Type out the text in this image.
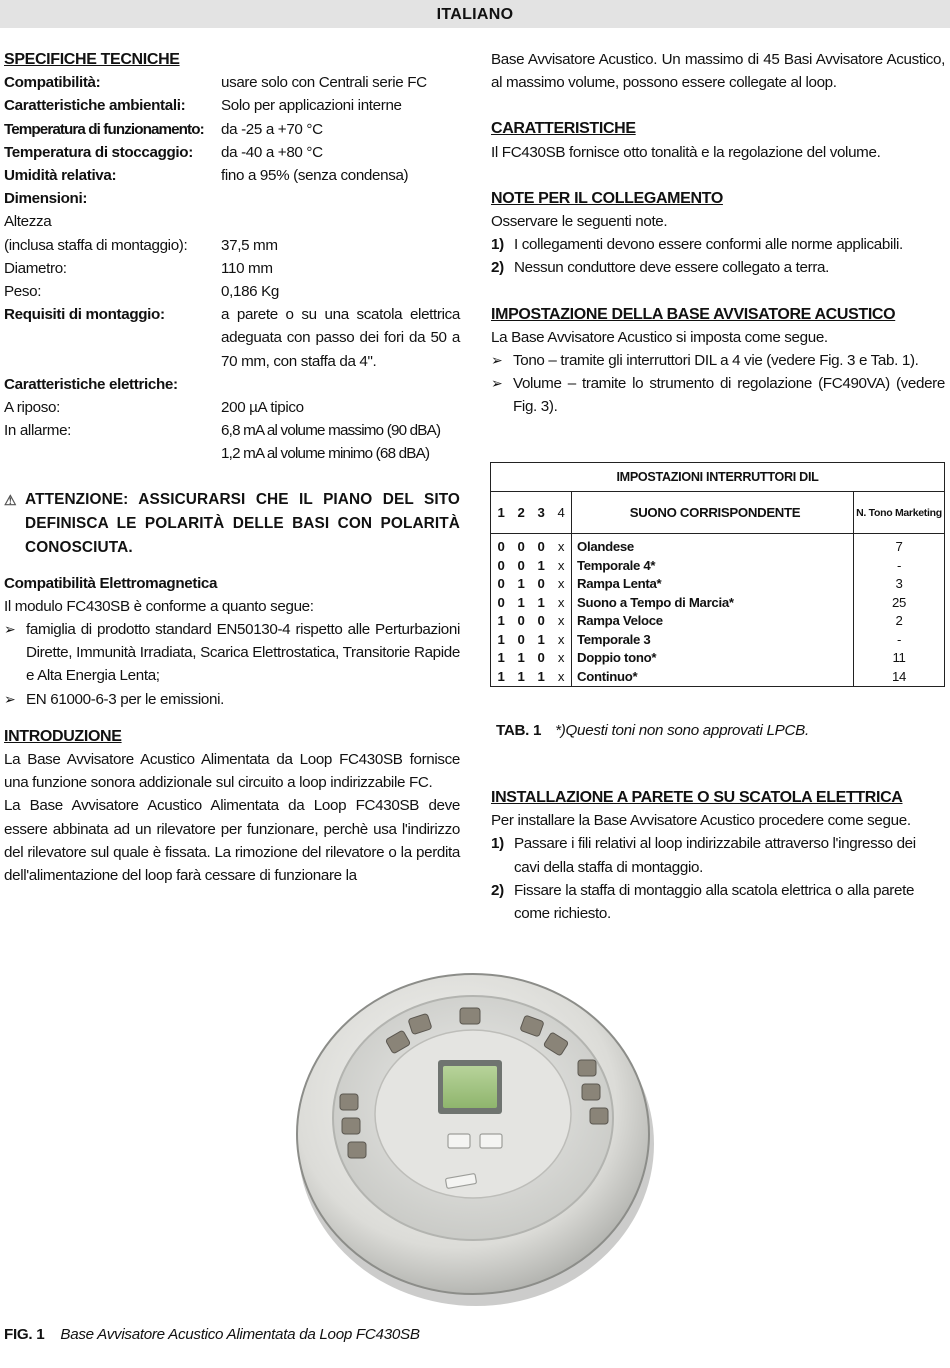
ITALIANO
SPECIFICHE TECNICHE
Compatibilità:	usare solo con Centrali serie FC
Caratteristiche ambientali:	Solo per applicazioni interne
Temperatura di funzionamento:	da -25 a +70 °C
Temperatura di stoccaggio:	da -40 a +80 °C
Umidità relativa:	fino a 95% (senza condensa)
Dimensioni:
Altezza
(inclusa staffa di montaggio):	37,5 mm
Diametro:	110 mm
Peso:	0,186 Kg
Requisiti di montaggio:	a parete o su una scatola elettrica adeguata con passo dei fori da 50 a 70 mm, con staffa da 4".
Caratteristiche elettriche:
A riposo:	200 µA tipico
In allarme:	6,8 mA al volume massimo (90 dBA)
1,2 mA al volume minimo (68 dBA)
⚠ ATTENZIONE: ASSICURARSI CHE IL PIANO DEL SITO DEFINISCA LE POLARITÀ DELLE BASI CON POLARITÀ CONOSCIUTA.
Compatibilità Elettromagnetica
Il modulo FC430SB è conforme a quanto segue:
➢ famiglia di prodotto standard EN50130-4 rispetto alle Perturbazioni Dirette, Immunità Irradiata, Scarica Elettrostatica, Transitorie Rapide e Alta Energia Lenta;
➢ EN 61000-6-3 per le emissioni.
INTRODUZIONE
La Base Avvisatore Acustico Alimentata da Loop FC430SB fornisce una funzione sonora addizionale sul circuito a loop indirizzabile FC.
La Base Avvisatore Acustico Alimentata da Loop FC430SB deve essere abbinata ad un rilevatore per funzionare, perchè usa l'indirizzo del rilevatore sul quale è fissata. La rimozione del rilevatore o la perdita dell'alimentazione del loop farà cessare di funzionare la
Base Avvisatore Acustico. Un massimo di 45 Basi Avvisatore Acustico, al massimo volume, possono essere collegate al loop.
CARATTERISTICHE
Il FC430SB fornisce otto tonalità e la regolazione del volume.
NOTE PER IL COLLEGAMENTO
Osservare le seguenti note.
1) I collegamenti devono essere conformi alle norme applicabili.
2) Nessun conduttore deve essere collegato a terra.
IMPOSTAZIONE DELLA BASE AVVISATORE ACUSTICO
La Base Avvisatore Acustico si imposta come segue.
➢ Tono – tramite gli interruttori DIL a 4 vie (vedere Fig. 3 e Tab. 1).
➢ Volume – tramite lo strumento di regolazione (FC490VA) (vedere Fig. 3).
IMPOSTAZIONI INTERRUTTORI DIL					
1	2	3	4	SUONO CORRISPONDENTE	N. Tono Marketing
0	0	0	x	Olandese	7
0	0	1	x	Temporale 4*	-
0	1	0	x	Rampa Lenta*	3
0	1	1	x	Suono a Tempo di Marcia*	25
1	0	0	x	Rampa Veloce	2
1	0	1	x	Temporale 3	-
1	1	0	x	Doppio tono*	11
1	1	1	x	Continuo*	14
TAB. 1 *)Questi toni non sono approvati LPCB.
INSTALLAZIONE A PARETE O SU SCATOLA ELETTRICA
Per installare la Base Avvisatore Acustico procedere come segue.
1) Passare i fili relativi al loop indirizzabile attraverso l'ingresso dei cavi della staffa di montaggio.
2) Fissare la staffa di montaggio alla scatola elettrica o alla parete come richiesto.
FIG. 1 Base Avvisatore Acustico Alimentata da Loop FC430SB
